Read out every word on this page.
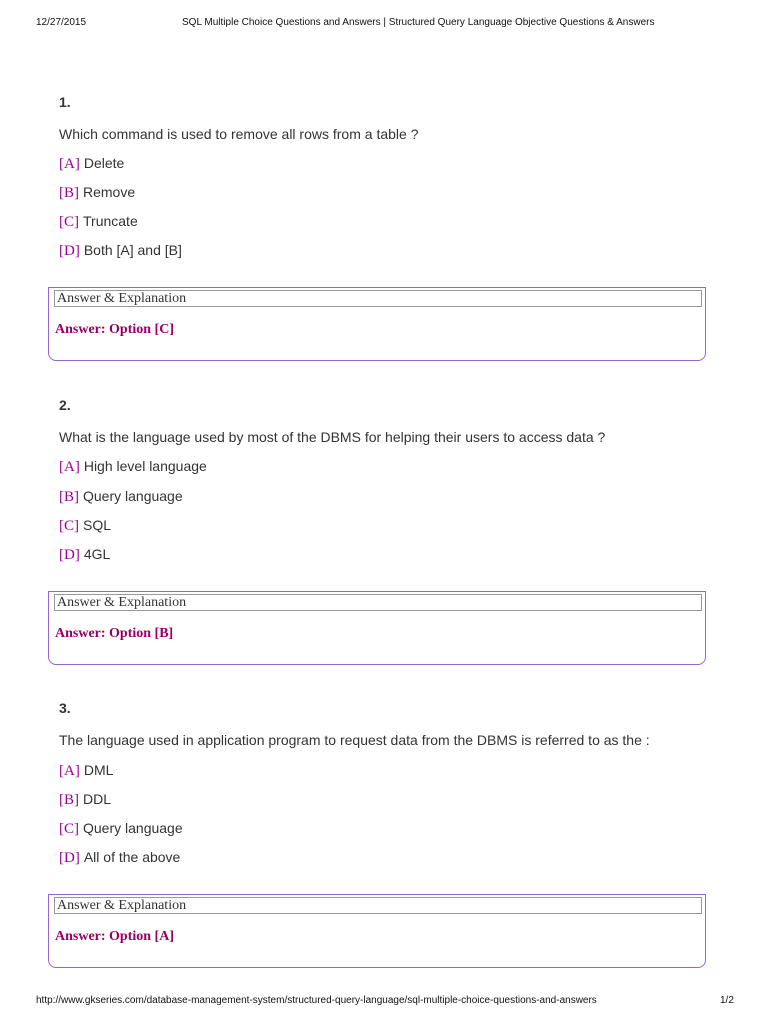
12/27/2015	SQL Multiple Choice Questions and Answers | Structured Query Language Objective Questions & Answers
1.
Which command is used to remove all rows from a table ?
[A] Delete
[B] Remove
[C] Truncate
[D] Both [A] and [B]
Answer & Explanation
Answer: Option [C]
2.
What is the language used by most of the DBMS for helping their users to access data ?
[A] High level language
[B] Query language
[C] SQL
[D] 4GL
Answer & Explanation
Answer: Option [B]
3.
The language used in application program to request data from the DBMS is referred to as the :
[A] DML
[B] DDL
[C] Query language
[D] All of the above
Answer & Explanation
Answer: Option [A]
http://www.gkseries.com/database-management-system/structured-query-language/sql-multiple-choice-questions-and-answers	1/2
